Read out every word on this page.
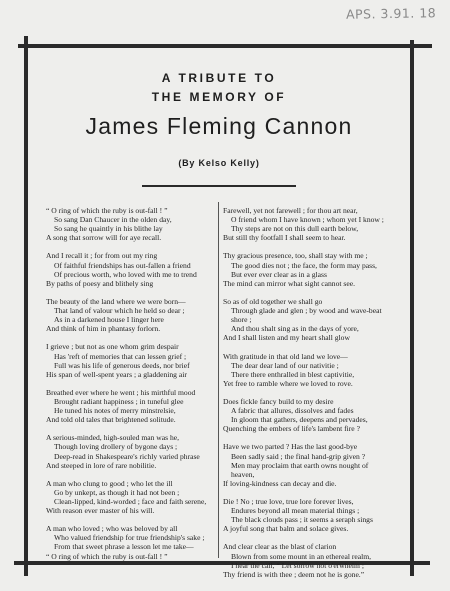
APS. 3.91. 18
A TRIBUTE TO
THE MEMORY OF
James Fleming Cannon
(By Kelso Kelly)
“ O ring of which the ruby is out-fall ! ”
So sang Dan Chaucer in the olden day,
So sang he quaintly in his blithe lay
A song that sorrow will for aye recall.
And I recall it ; for from out my ring
Of faithful friendships has out-fallen a friend
Of precious worth, who loved with me to trend
By paths of poesy and blithely sing
The beauty of the land where we were born—
That land of valour which he held so dear ;
As in a darkened house I linger here
And think of him in phantasy forlorn.
I grieve ; but not as one whom grim despair
Has 'reft of memories that can lessen grief ;
Full was his life of generous deeds, nor brief
His span of well-spent years ; a gladdening air
Breathed ever where he went ; his mirthful mood
Brought radiant happiness ; in tuneful glee
He tuned his notes of merry minstrelsie,
And told old tales that brightened solitude.
A serious-minded, high-souled man was he,
Though loving drollery of bygone days ;
Deep-read in Shakespeare's richly varied phrase
And steeped in lore of rare nobilitie.
A man who clung to good ; who let the ill
Go by unkept, as though it had not been ;
Clean-lipped, kind-worded ; face and faith serene,
With reason ever master of his will.
A man who loved ; who was beloved by all
Who valued friendship for true friendship's sake ;
From that sweet phrase a lesson let me take—
“ O ring of which the ruby is out-fall ! ”
Farewell, yet not farewell ; for thou art near,
O friend whom I have known ; whom yet I know ;
Thy steps are not on this dull earth below,
But still thy footfall I shall seem to hear.
Thy gracious presence, too, shall stay with me ;
The good dies not ; the face, the form may pass,
But ever ever clear as in a glass
The mind can mirror what sight cannot see.
So as of old together we shall go
Through glade and glen ; by wood and wave-beat
shore ;
And thou shalt sing as in the days of yore,
And I shall listen and my heart shall glow
With gratitude in that old land we love—
The dear dear land of our nativitie ;
There there enthralled in blest captivitie,
Yet free to ramble where we loved to rove.
Does fickle fancy build to my desire
A fabric that allures, dissolves and fades
In gloom that gathers, deepens and pervades,
Quenching the embers of life's lambent fire ?
Have we two parted ? Has the last good-bye
Been sadly said ; the final hand-grip given ?
Men may proclaim that earth owns nought of
heaven,
If loving-kindness can decay and die.
Die ! No ; true love, true lore forever lives,
Endures beyond all mean material things ;
The black clouds pass ; it seems a seraph sings
A joyful song that balm and solace gives.
And clear clear as the blast of clarion
Blown from some mount in an ethereal realm,
I hear the call, “ Let sorrow not o'erwhelm ;
Thy friend is with thee ; deem not he is gone.”
